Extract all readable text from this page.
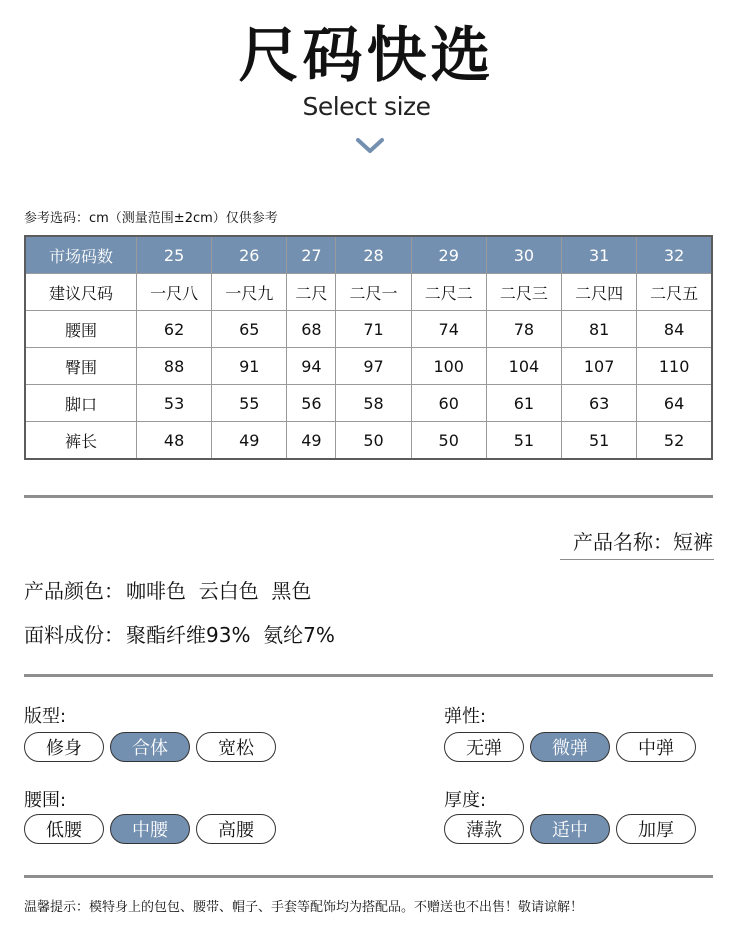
尺码快选
Select size
参考选码：cm（测量范围±2cm）仅供参考
市场码数	25	26	27	28	29	30	31	32
建议尺码	一尺八	一尺九	二尺	二尺一	二尺二	二尺三	二尺四	二尺五
腰围	62	65	68	71	74	78	81	84
臀围	88	91	94	97	100	104	107	110
脚口	53	55	56	58	60	61	63	64
裤长	48	49	49	50	50	51	51	52
产品名称：短裤
产品颜色： 咖啡色  云白色  黑色
面料成份： 聚酯纤维93%  氨纶7%
版型:
修身	合体	宽松
弹性:
无弹	微弹	中弹
腰围:
低腰	中腰	高腰
厚度:
薄款	适中	加厚
温馨提示：模特身上的包包、腰带、帽子、手套等配饰均为搭配品。不赠送也不出售！敬请谅解！
